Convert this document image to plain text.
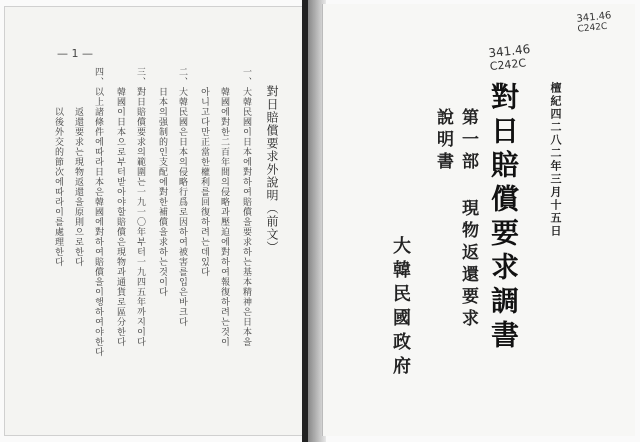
— 1 —
對日賠償要求外說明（前文）
一、大韓民國이日本에對하여賠償을要求하는基本精神은日本을
　　韓國에對한二百年間의侵略과壓迫에對하여報復하려는것이
　　아니고다만正當한權利를回復하려는데있다
二、大韓民國은日本의侵略行爲로因하여被害를입은바크다
　　日本의强制的인支配에對한補償을求하는것이다
三、對日賠償要求의範圍는一九一〇年부터一九四五年까지이다
　　韓國이日本으로부터받아야할賠償은現物과通貨로區分한다
四、以上諸條件에따라日本은韓國에對하여賠償을이행하여야한다
　　返還要求는現物返還을原則으로한다
　　以後外交的節次에따라이를處理한다
341.46
C242C
341.46
C242C
檀紀四二八二年三月十五日
對日賠償要求調書
第一部 現物返還要求說明書
大韓民國政府
